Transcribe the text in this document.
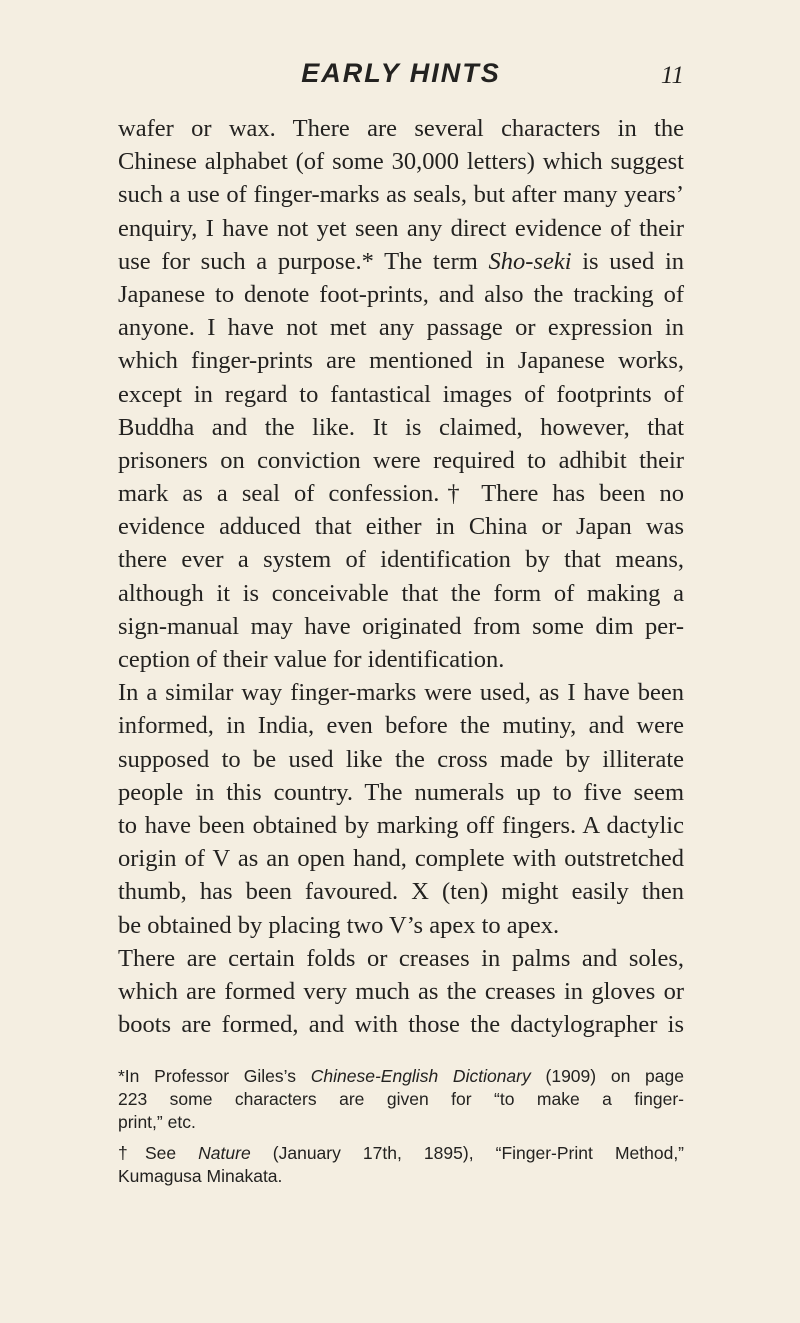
EARLY HINTS	11
wafer or wax. There are several characters in the
Chinese alphabet (of some 30,000 letters) which suggest
such a use of finger-marks as seals, but after many years’
enquiry, I have not yet seen any direct evidence of their
use for such a purpose.* The term Sho-seki is used in
Japanese to denote foot-prints, and also the tracking of
anyone. I have not met any passage or expression in
which finger-prints are mentioned in Japanese works,
except in regard to fantastical images of footprints of
Buddha and the like. It is claimed, however, that
prisoners on conviction were required to adhibit their
mark as a seal of confession.† There has been no
evidence adduced that either in China or Japan was
there ever a system of identification by that means,
although it is conceivable that the form of making a
sign-manual may have originated from some dim per-
ception of their value for identification.
In a similar way finger-marks were used, as I have been
informed, in India, even before the mutiny, and were
supposed to be used like the cross made by illiterate
people in this country. The numerals up to five seem
to have been obtained by marking off fingers. A dactylic
origin of V as an open hand, complete with outstretched
thumb, has been favoured. X (ten) might easily then
be obtained by placing two V’s apex to apex.
There are certain folds or creases in palms and soles,
which are formed very much as the creases in gloves or
boots are formed, and with those the dactylographer is
*In Professor Giles’s Chinese-English Dictionary (1909) on page
223 some characters are given for “to make a finger-
print,” etc.
†See Nature (January 17th, 1895), “Finger-Print Method,”
Kumagusa Minakata.
